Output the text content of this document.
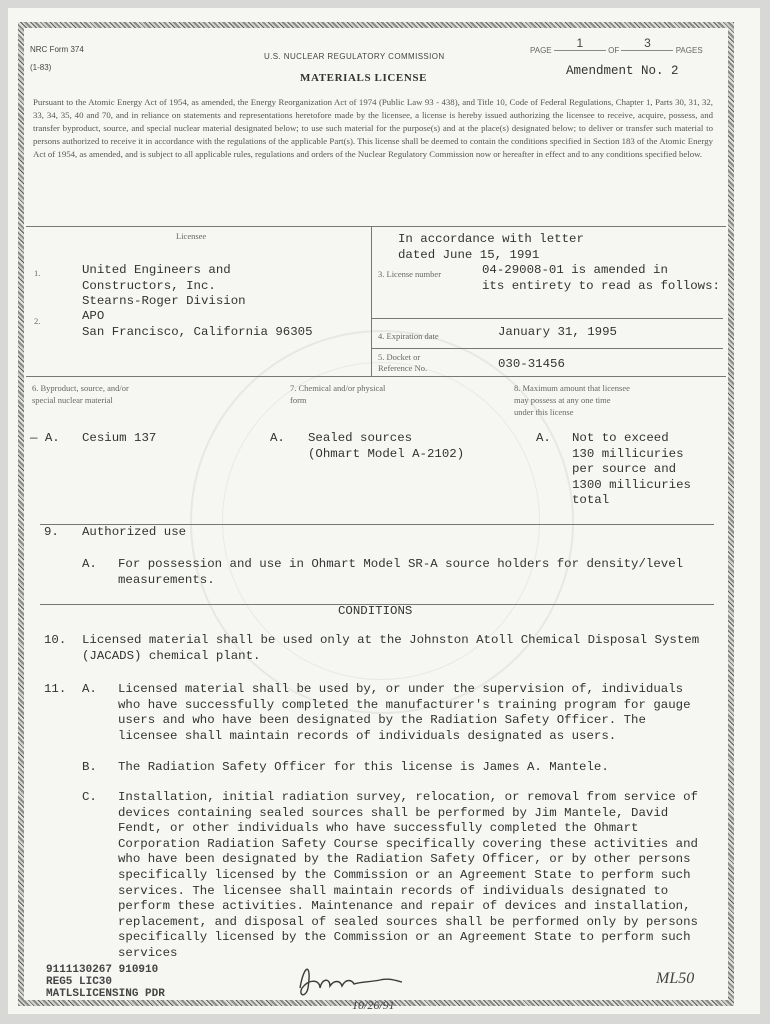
NRC Form 374

(1-83)

U.S. NUCLEAR REGULATORY COMMISSION
PAGE 1 OF 3 PAGES
MATERIALS LICENSE	Amendment No. 2

Pursuant to the Atomic Energy Act of 1954, as amended, the Energy Reorganization Act of 1974 (Public Law 93 - 438), and Title 10, Code of Federal Regulations, Chapter 1, Parts 30, 31, 32, 33, 34, 35, 40 and 70, and in reliance on statements and representations heretofore made by the licensee, a license is hereby issued authorizing the licensee to receive, acquire, possess, and transfer byproduct, source, and special nuclear material designated below; to use such material for the purpose(s) and at the place(s) designated below; to deliver or transfer such material to persons authorized to receive it in accordance with the regulations of the applicable Part(s). This license shall be deemed to contain the conditions specified in Section 183 of the Atomic Energy Act of 1954, as amended, and is subject to all applicable rules, regulations and orders of the Nuclear Regulatory Commission now or hereafter in effect and to any conditions specified below.

Licensee
1.	United Engineers and
Constructors, Inc.
Stearns-Roger Division
2.	APO
San Francisco, California 96305
In accordance with letter
dated June 15, 1991
3. License number	04-29008-01 is amended in
its entirety to read as follows:
4. Expiration date	January 31, 1995
5. Docket or
Reference No.	030-31456
6. Byproduct, source, and/or
special nuclear material
7. Chemical and/or physical
form
8. Maximum amount that licensee
may possess at any one time
under this license
— A. Cesium 137	A. Sealed sources
(Ohmart Model A-2102)
A. Not to exceed
130 millicuries
per source and
1300 millicuries
total
9. Authorized use
A. For possession and use in Ohmart Model SR-A source holders for density/level
measurements.
CONDITIONS
10. Licensed material shall be used only at the Johnston Atoll Chemical Disposal System
(JACADS) chemical plant.
11. A. Licensed material shall be used by, or under the supervision of, individuals
who have successfully completed the manufacturer's training program for gauge
users and who have been designated by the Radiation Safety Officer. The
licensee shall maintain records of individuals designated as users.
B. The Radiation Safety Officer for this license is James A. Mantele.
C. Installation, initial radiation survey, relocation, or removal from service of
devices containing sealed sources shall be performed by Jim Mantele, David
Fendt, or other individuals who have successfully completed the Ohmart
Corporation Radiation Safety Course specifically covering these activities and
who have been designated by the Radiation Safety Officer, or by other persons
specifically licensed by the Commission or an Agreement State to perform such
services. The licensee shall maintain records of individuals designated to
perform these activities. Maintenance and repair of devices and installation,
replacement, and disposal of sealed sources shall be performed only by persons
specifically licensed by the Commission or an Agreement State to perform such
services
9111130267 910910
REG5 LIC30
MATLSLICENSING PDR
10/26/91
ML50
